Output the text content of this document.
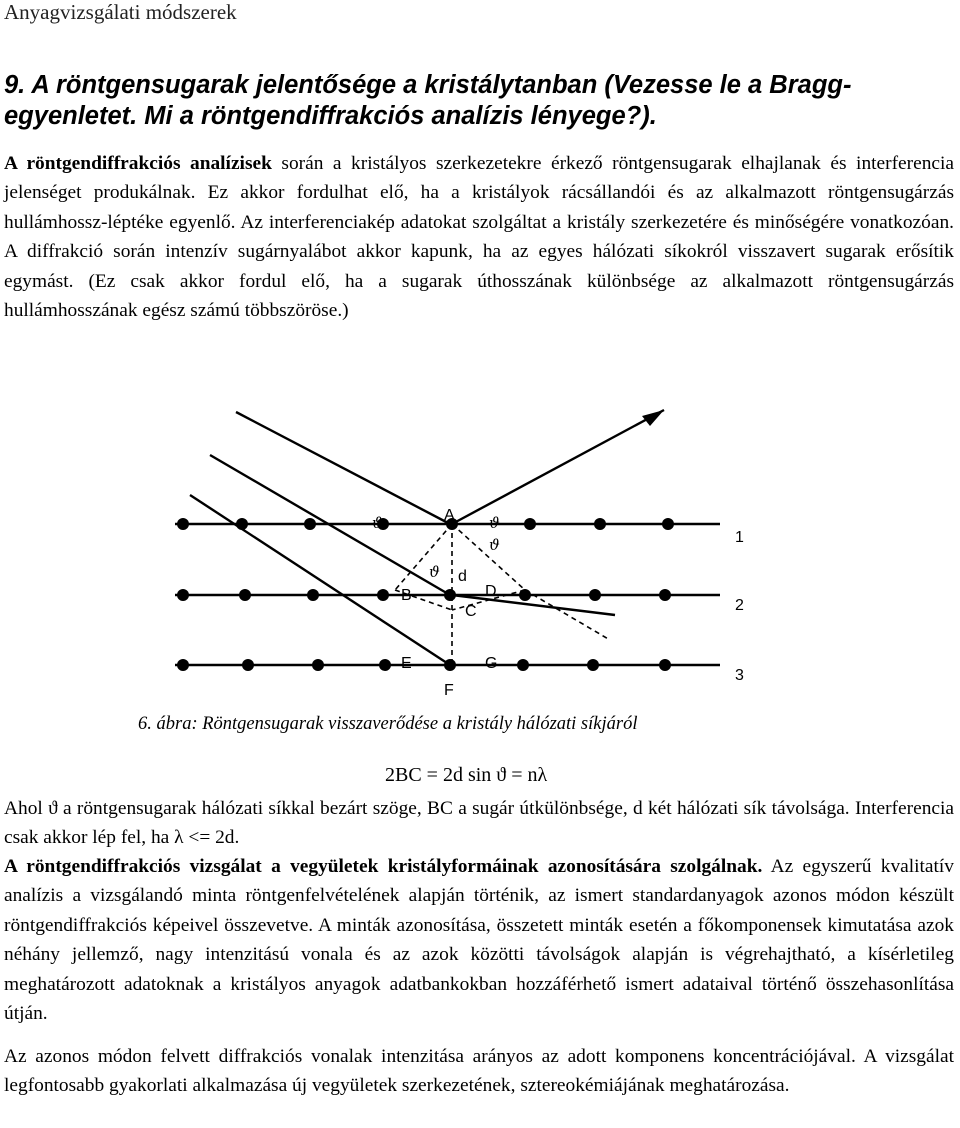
Anyagvizsgálati módszerek
9. A röntgensugarak jelentősége a kristálytanban (Vezesse le a Bragg-egyenletet. Mi a röntgendiffrakciós analízis lényege?).
A röntgendiffrakciós analízisek során a kristályos szerkezetekre érkező röntgensugarak elhajlanak és interferencia jelenséget produkálnak. Ez akkor fordulhat elő, ha a kristályok rácsállandói és az alkalmazott röntgensugárzás hullámhossz-léptéke egyenlő. Az interferenciakép adatokat szolgáltat a kristály szerkezetére és minőségére vonatkozóan. A diffrakció során intenzív sugárnyalábot akkor kapunk, ha az egyes hálózati síkokról visszavert sugarak erősítik egymást. (Ez csak akkor fordul elő, ha a sugarak úthosszának különbsége az alkalmazott röntgensugárzás hullámhosszának egész számú többszöröse.)
A
B
C
D
d
E
F
G
1
2
3
ϑ	ϑ
ϑ
ϑ
6. ábra: Röntgensugarak visszaverődése a kristály hálózati síkjáról
2BC = 2d sin ϑ = nλ
Ahol ϑ a röntgensugarak hálózati síkkal bezárt szöge, BC a sugár útkülönbsége, d két hálózati sík távolsága. Interferencia csak akkor lép fel, ha λ <= 2d.
A röntgendiffrakciós vizsgálat a vegyületek kristályformáinak azonosítására szolgálnak. Az egyszerű kvalitatív analízis a vizsgálandó minta röntgenfelvételének alapján történik, az ismert standardanyagok azonos módon készült röntgendiffrakciós képeivel összevetve. A minták azonosítása, összetett minták esetén a főkomponensek kimutatása azok néhány jellemző, nagy intenzitású vonala és az azok közötti távolságok alapján is végrehajtható, a kísérletileg meghatározott adatoknak a kristályos anyagok adatbankokban hozzáférhető ismert adataival történő összehasonlítása útján.
Az azonos módon felvett diffrakciós vonalak intenzitása arányos az adott komponens koncentrációjával. A vizsgálat legfontosabb gyakorlati alkalmazása új vegyületek szerkezetének, sztereokémiájának meghatározása.
